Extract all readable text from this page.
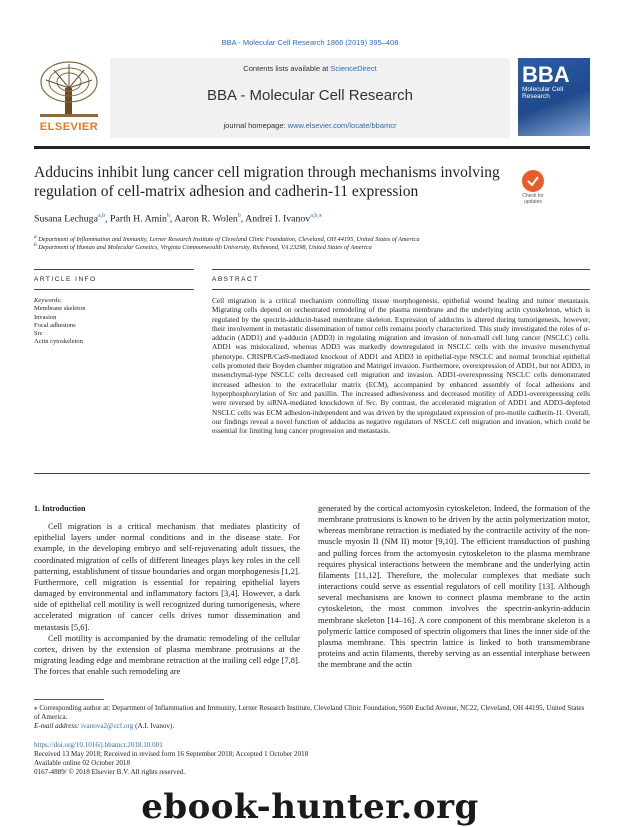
BBA - Molecular Cell Research 1866 (2019) 395–408
ELSEVIER
Contents lists available at ScienceDirect
BBA - Molecular Cell Research
journal homepage: www.elsevier.com/locate/bbamcr
BBA
Molecular Cell Research
Adducins inhibit lung cancer cell migration through mechanisms involving regulation of cell-matrix adhesion and cadherin-11 expression	Check for updates
Susana Lechuga$^{a,b}$, Parth H. Amin$^b$, Aaron R. Wolen$^b$, Andrei I. Ivanov$^{a,b,⁎}$
$^a$ Department of Inflammation and Immunity, Lerner Research Institute of Cleveland Clinic Foundation, Cleveland, OH 44195, United States of America
$^b$ Department of Human and Molecular Genetics, Virginia Commonwealth University, Richmond, VA 23298, United States of America
ARTICLE INFO	ABSTRACT
Keywords:
Membrane skeleton
Invasion
Focal adhesions
Src
Actin cytoskeleton
Cell migration is a critical mechanism controlling tissue morphogenesis, epithelial wound healing and tumor metastasis. Migrating cells depend on orchestrated remodeling of the plasma membrane and the underlying actin cytoskeleton, which is regulated by the spectrin-adducin-based membrane skeleton. Expression of adducins is altered during tumorigenesis, however, their involvement in metastatic dissemination of tumor cells remains poorly characterized. This study investigated the roles of α-adducin (ADD1) and γ-adducin (ADD3) in regulating migration and invasion of non-small cell lung cancer (NSCLC) cells. ADD1 was mislocalized, whereas ADD3 was markedly downregulated in NSCLC cells with the invasive mesenchymal phenotype. CRISPR/Cas9-mediated knockout of ADD1 and ADD3 in epithelial-type NSCLC and normal bronchial epithelial cells promoted their Boyden chamber migration and Matrigel invasion. Furthermore, overexpression of ADD1, but not ADD3, in mesenchymal-type NSCLC cells decreased cell migration and invasion. ADD1-overexpressing NSCLC cells demonstrated increased adhesion to the extracellular matrix (ECM), accompanied by enhanced assembly of focal adhesions and hyperphosphorylation of Src and paxillin. The increased adhesiveness and decreased motility of ADD1-overexpressing cells were reversed by siRNA-mediated knockdown of Src. By contrast, the accelerated migration of ADD1 and ADD3-depleted NSCLC cells was ECM adhesion-independent and was driven by the upregulated expression of pro-motile cadherin-11. Overall, our findings reveal a novel function of adducins as negative regulators of NSCLC cell migration and invasion, which could be essential for limiting lung cancer progression and metastasis.
1. Introduction

Cell migration is a critical mechanism that mediates plasticity of epithelial layers under normal conditions and in the disease state. For example, in the developing embryo and self-rejuvenating adult tissues, the coordinated migration of cells of different lineages plays key roles in the cell patterning, establishment of tissue boundaries and organ morphogenesis [1,2]. Furthermore, cell migration is essential for repairing epithelial layers damaged by environmental and inflammatory factors [3,4]. However, a dark side of epithelial cell motility is well recognized during tumorigenesis, where accelerated migration of cancer cells drives tumor dissemination and metastasis [5,6].

Cell motility is accompanied by the dramatic remodeling of the cellular cortex, driven by the extension of plasma membrane protrusions at the migrating leading edge and membrane retraction at the trailing cell edge [7,8]. The forces that enable such remodeling are

generated by the cortical actomyosin cytoskeleton. Indeed, the formation of the membrane protrusions is known to be driven by the actin polymerization motor, whereas membrane retraction is mediated by the contractile activity of the non-muscle myosin II (NM II) motor [9,10]. The efficient transduction of pushing and pulling forces from the actomyosin cytoskeleton to the plasma membrane requires physical interactions between the membrane and the underlying actin filaments [11,12]. Therefore, the molecular complexes that mediate such interactions could serve as essential regulators of cell motility [13]. Although several mechanisms are known to connect plasma membrane to the actin cytoskeleton, the most common involves the spectrin-ankyrin-adducin membrane skeleton [14–16]. A core component of this membrane skeleton is a polymeric lattice composed of spectrin oligomers that lines the inner side of the plasma membrane. This spectrin lattice is linked to both transmembrane proteins and actin filaments, thereby serving as an essential interphase between the membrane and the actin

⁎ Corresponding author at: Department of Inflammation and Immunity, Lerner Research Institute, Cleveland Clinic Foundation, 9500 Euclid Avenue, NC22, Cleveland, OH 44195, United States of America.
E-mail address: ivanova2@ccf.org (A.I. Ivanov).
https://doi.org/10.1016/j.bbamcr.2018.10.001
Received 13 May 2018; Received in revised form 16 September 2018; Accepted 1 October 2018
Available online 02 October 2018
0167-4889/ © 2018 Elsevier B.V. All rights reserved.
ebook-hunter.org
